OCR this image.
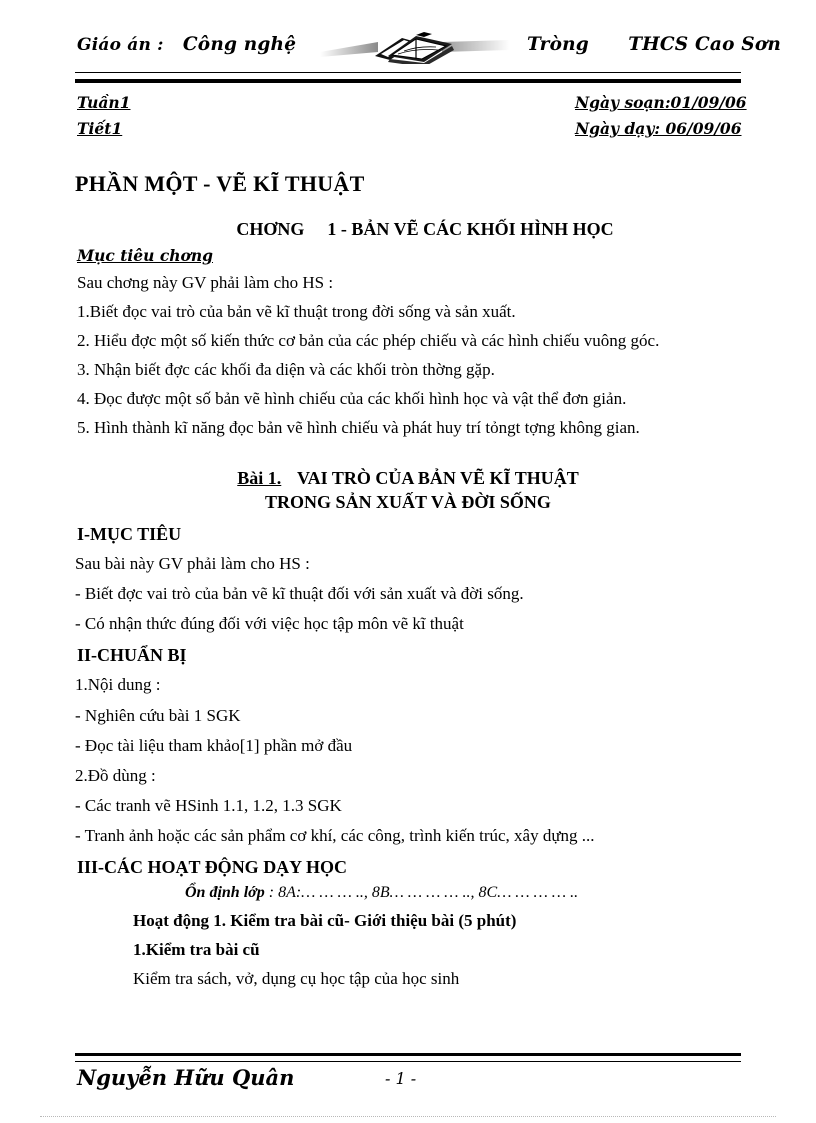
Giáo án : Công nghệ	Tròng THCS Cao Sơn
Tuần1	Ngày soạn:01/09/06
Tiết1	Ngày dạy: 06/09/06
PHẦN MỘT - VẼ KĨ THUẬT
CHƠNG 1 - BẢN VẼ CÁC KHỐI HÌNH HỌC
Mục tiêu chơng

Sau chơng này GV phải làm cho HS :

1.Biết đọc vai trò của bản vẽ kĩ thuật trong đời sống và sản xuất.

2. Hiểu đợc một số kiến thức cơ bản của các phép chiếu và các hình chiếu vuông góc.

3. Nhận biết đợc các khối đa diện và các khối tròn thờng gặp.

4. Đọc được một số bản vẽ hình chiếu của các khối hình học và vật thể đơn giản.

5. Hình thành kĩ năng đọc bản vẽ hình chiếu và phát huy trí tỏngt tợng không gian.

Bài 1. VAI TRÒ CỦA BẢN VẼ KĨ THUẬT
TRONG SẢN XUẤT VÀ ĐỜI SỐNG
I-MỤC TIÊU

Sau bài này GV phải làm cho HS :

- Biết đợc vai trò của bản vẽ kĩ thuật đối với sản xuất và đời sống.

- Có nhận thức đúng đối với việc học tập môn vẽ kĩ thuật

II-CHUẨN BỊ

1.Nội dung :

- Nghiên cứu bài 1 SGK

- Đọc tài liệu tham khảo[1] phần mở đầu

2.Đồ dùng :

- Các tranh vẽ HSinh 1.1, 1.2, 1.3 SGK

- Tranh ảnh hoặc các sản phẩm cơ khí, các công, trình kiến trúc, xây dựng ...

III-CÁC HOẠT ĐỘNG DẠY HỌC
Ổn định lớp : 8A:… … … .., 8B… … … … .., 8C… … … … ..

Hoạt động 1. Kiểm tra bài cũ- Giới thiệu bài (5 phút)

1.Kiểm tra bài cũ

Kiểm tra sách, vở, dụng cụ học tập của học sinh

Nguyễn Hữu Quân	- 1 -
